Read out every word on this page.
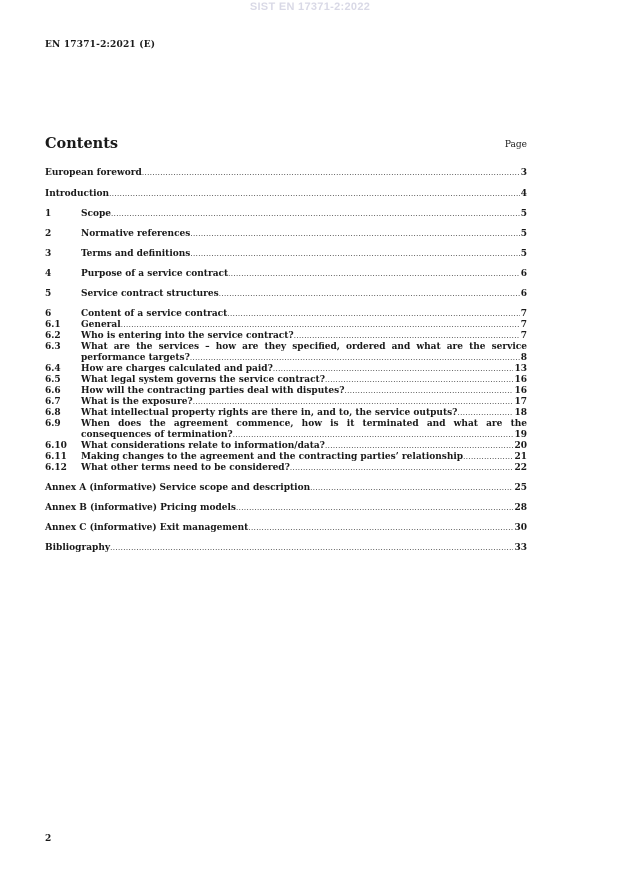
SIST EN 17371-2:2022
EN 17371-2:2021 (E)
Contents	Page
European foreword .....	3
Introduction .....	4
1	Scope .....	5
2	Normative references .....	5
3	Terms and definitions .....	5
4	Purpose of a service contract .....	6
5	Service contract structures .....	6
6	Content of a service contract .....	7
6.1	General .....	7
6.2	Who is entering into the service contract? .....	7
6.3	What are the services – how are they specified, ordered and what are the service
performance targets? .....	8
6.4	How are charges calculated and paid? .....	13
6.5	What legal system governs the service contract? .....	16
6.6	How will the contracting parties deal with disputes? .....	16
6.7	What is the exposure? .....	17
6.8	What intellectual property rights are there in, and to, the service outputs? .....	18
6.9	When does the agreement commence, how is it terminated and what are the
consequences of termination? .....	19
6.10	What considerations relate to information/data? .....	20
6.11	Making changes to the agreement and the contracting parties’ relationship .....	21
6.12	What other terms need to be considered? .....	22
Annex A (informative) Service scope and description .....	25
Annex B (informative) Pricing models .....	28
Annex C (informative) Exit management .....	30
Bibliography .....	33
2
